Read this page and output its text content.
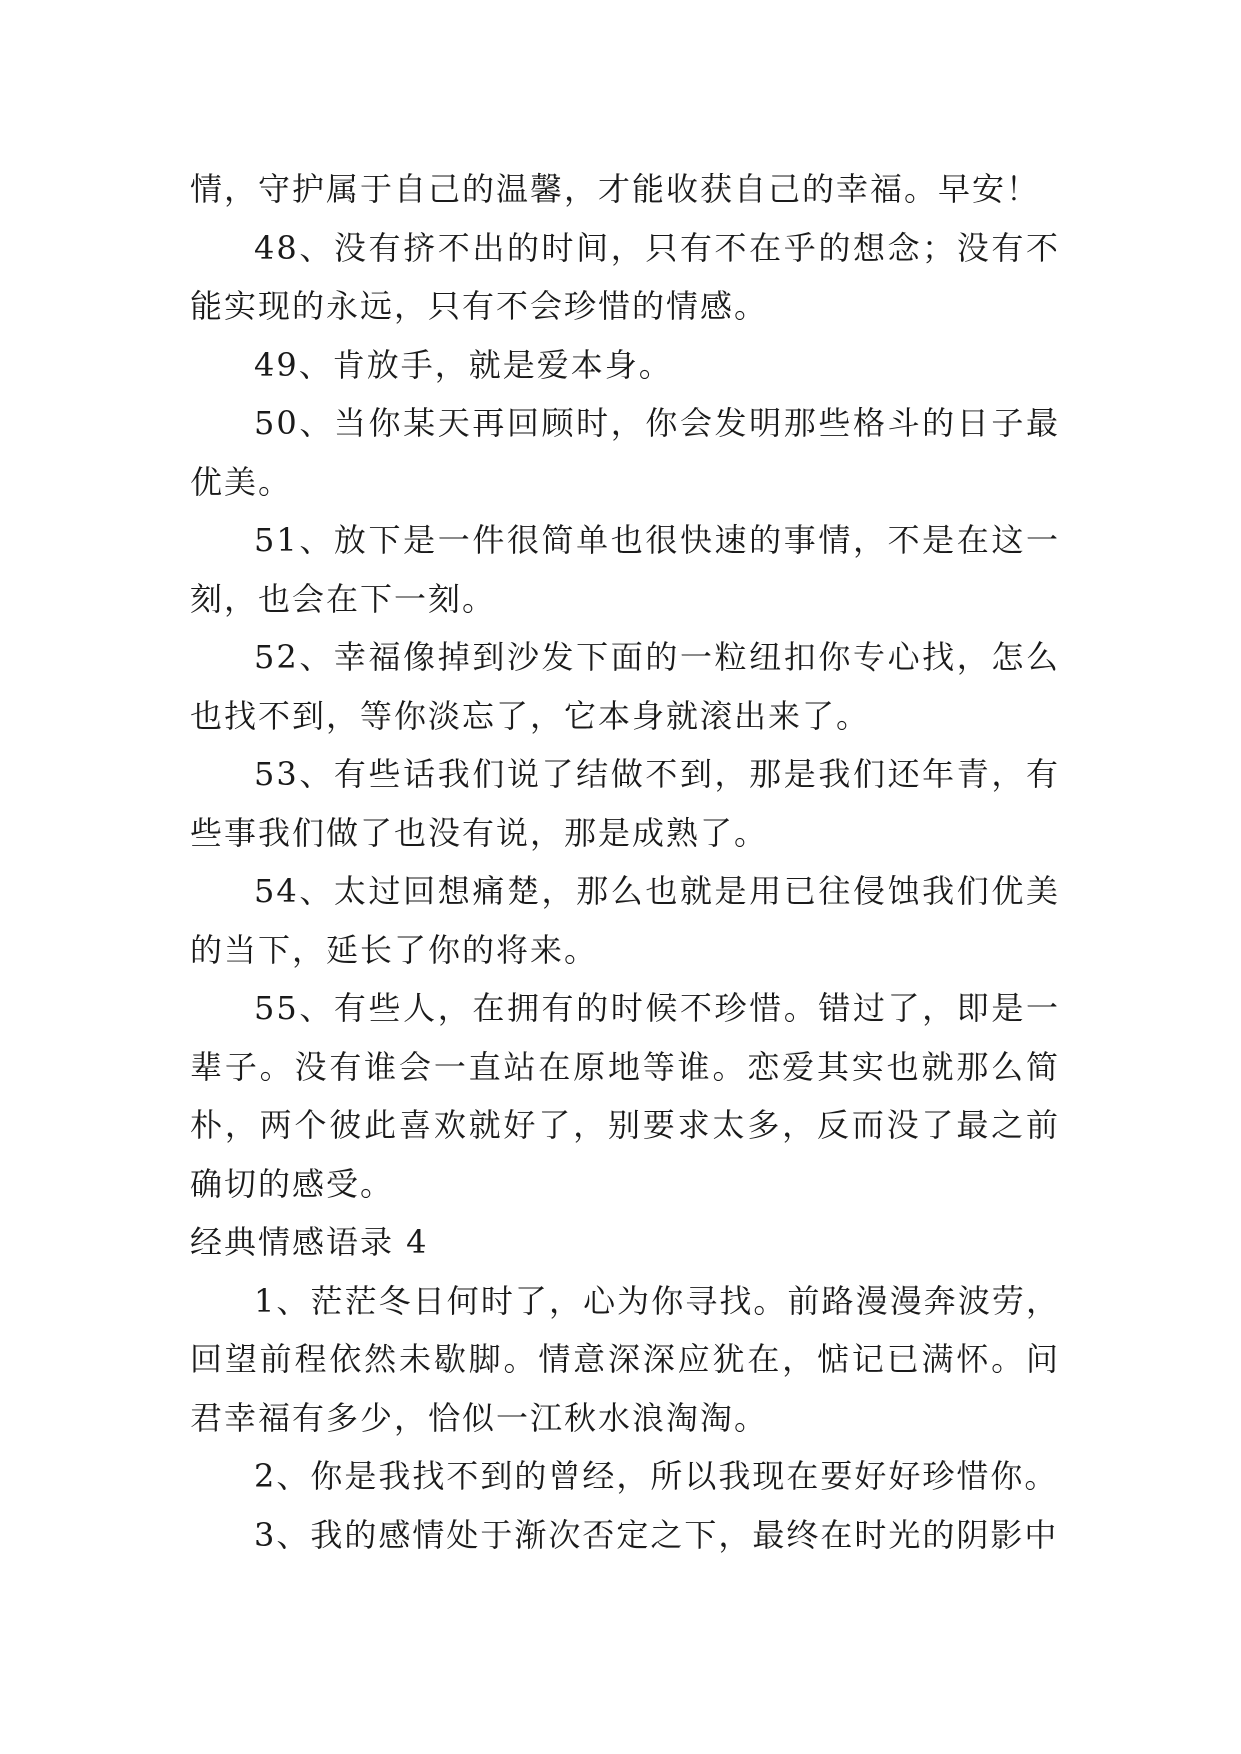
情，守护属于自己的温馨，才能收获自己的幸福。早安！

48、没有挤不出的时间，只有不在乎的想念；没有不能实现的永远，只有不会珍惜的情感。

49、肯放手，就是爱本身。

50、当你某天再回顾时，你会发明那些格斗的日子最优美。

51、放下是一件很简单也很快速的事情，不是在这一刻，也会在下一刻。

52、幸福像掉到沙发下面的一粒纽扣你专心找，怎么也找不到，等你淡忘了，它本身就滚出来了。

53、有些话我们说了结做不到，那是我们还年青，有些事我们做了也没有说，那是成熟了。

54、太过回想痛楚，那么也就是用已往侵蚀我们优美的当下，延长了你的将来。

55、有些人，在拥有的时候不珍惜。错过了，即是一辈子。没有谁会一直站在原地等谁。恋爱其实也就那么简朴，两个彼此喜欢就好了，别要求太多，反而没了最之前确切的感受。

经典情感语录 4

1、茫茫冬日何时了，心为你寻找。前路漫漫奔波劳，回望前程依然未歇脚。情意深深应犹在，惦记已满怀。问君幸福有多少，恰似一江秋水浪淘淘。

2、你是我找不到的曾经，所以我现在要好好珍惜你。

3、我的感情处于渐次否定之下，最终在时光的阴影中
